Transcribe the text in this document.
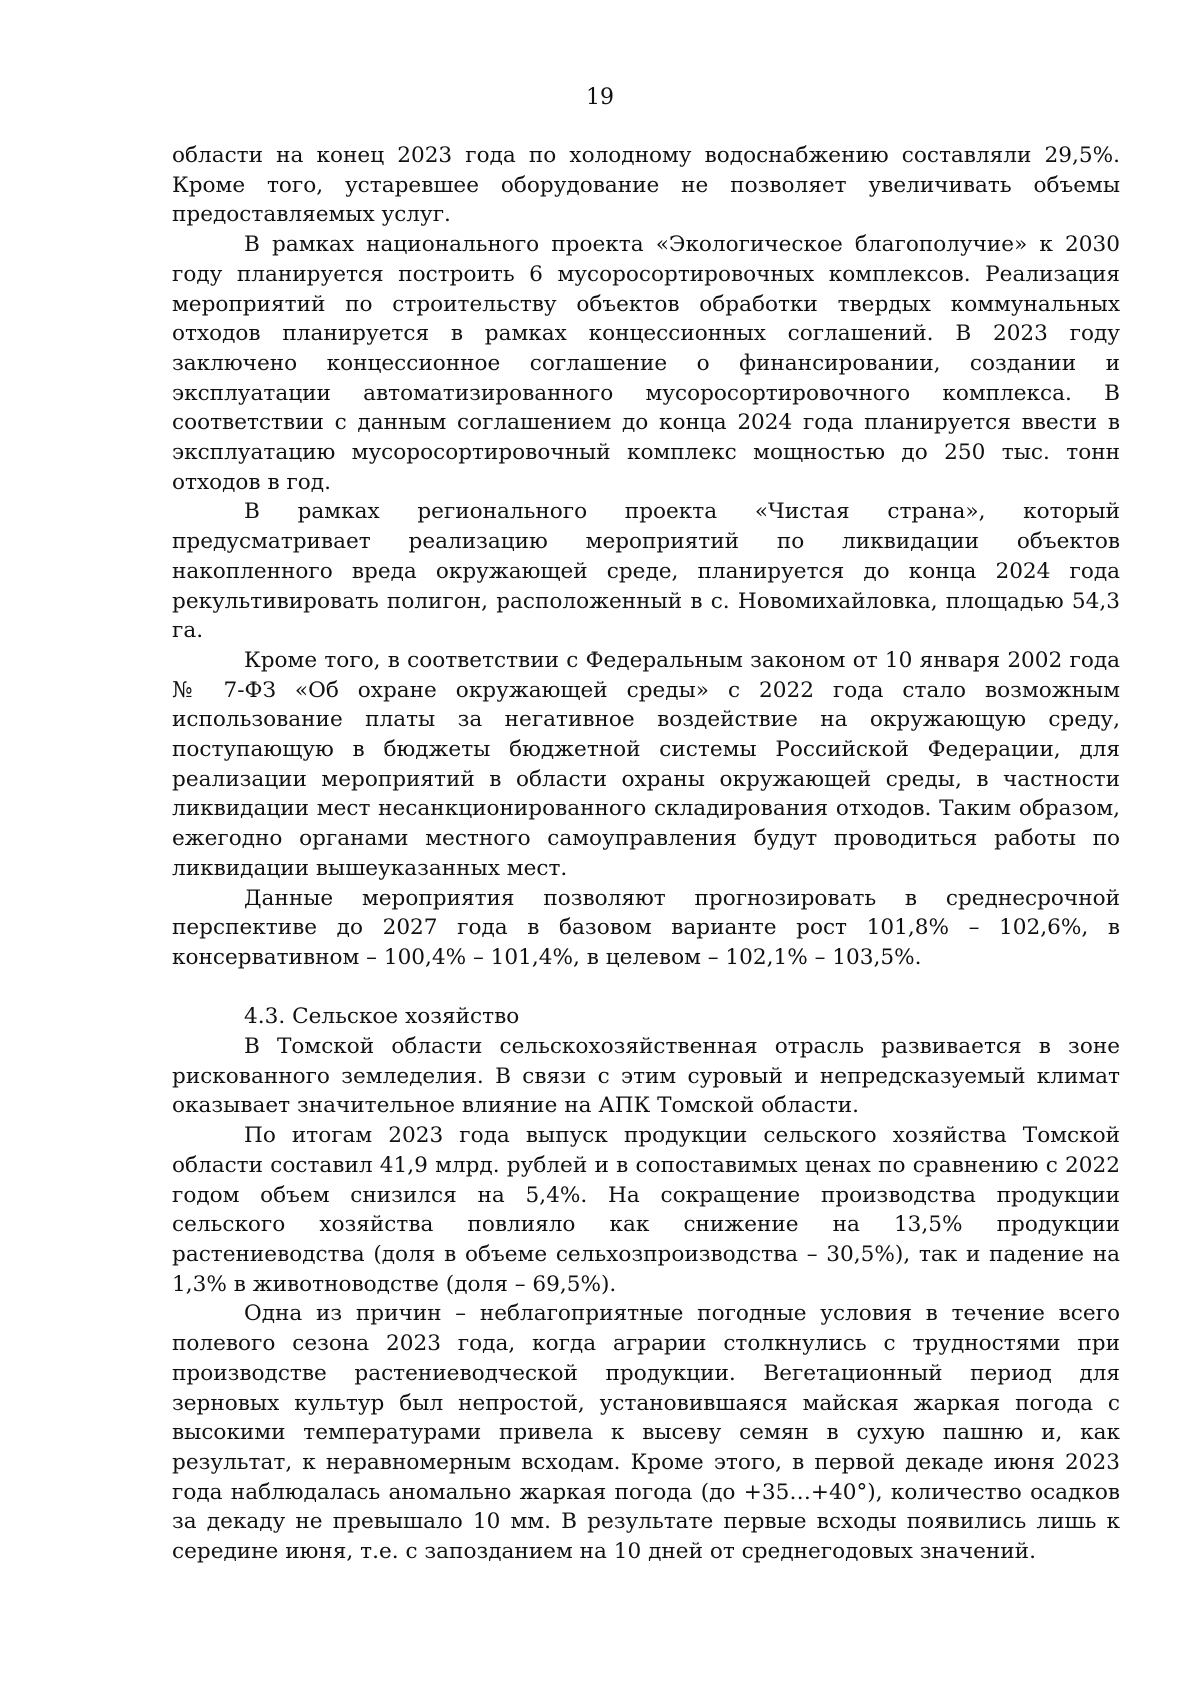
19

области на конец 2023 года по холодному водоснабжению составляли 29,5%. Кроме того, устаревшее оборудование не позволяет увеличивать объемы предоставляемых услуг.

В рамках национального проекта «Экологическое благополучие» к 2030 году планируется построить 6 мусоросортировочных комплексов. Реализация мероприятий по строительству объектов обработки твердых коммунальных отходов планируется в рамках концессионных соглашений. В 2023 году заключено концессионное соглашение о финансировании, создании и эксплуатации автоматизированного мусоросортировочного комплекса. В соответствии с данным соглашением до конца 2024 года планируется ввести в эксплуатацию мусоросортировочный комплекс мощностью до 250 тыс. тонн отходов в год.

В рамках регионального проекта «Чистая страна», который предусматривает реализацию мероприятий по ликвидации объектов накопленного вреда окружающей среде, планируется до конца 2024 года рекультивировать полигон, расположенный в с. Новомихайловка, площадью 54,3 га.

Кроме того, в соответствии с Федеральным законом от 10 января 2002 года № 7-ФЗ «Об охране окружающей среды» с 2022 года стало возможным использование платы за негативное воздействие на окружающую среду, поступающую в бюджеты бюджетной системы Российской Федерации, для реализации мероприятий в области охраны окружающей среды, в частности ликвидации мест несанкционированного складирования отходов. Таким образом, ежегодно органами местного самоуправления будут проводиться работы по ликвидации вышеуказанных мест.

Данные мероприятия позволяют прогнозировать в среднесрочной перспективе до 2027 года в базовом варианте рост 101,8% – 102,6%, в консервативном – 100,4% – 101,4%, в целевом – 102,1% – 103,5%.

4.3. Сельское хозяйство

В Томской области сельскохозяйственная отрасль развивается в зоне рискованного земледелия. В связи с этим суровый и непредсказуемый климат оказывает значительное влияние на АПК Томской области.

По итогам 2023 года выпуск продукции сельского хозяйства Томской области составил 41,9 млрд. рублей и в сопоставимых ценах по сравнению с 2022 годом объем снизился на 5,4%. На сокращение производства продукции сельского хозяйства повлияло как снижение на 13,5% продукции растениеводства (доля в объеме сельхозпроизводства – 30,5%), так и падение на 1,3% в животноводстве (доля – 69,5%).

Одна из причин – неблагоприятные погодные условия в течение всего полевого сезона 2023 года, когда аграрии столкнулись с трудностями при производстве растениеводческой продукции. Вегетационный период для зерновых культур был непростой, установившаяся майская жаркая погода с высокими температурами привела к высеву семян в сухую пашню и, как результат, к неравномерным всходам. Кроме этого, в первой декаде июня 2023 года наблюдалась аномально жаркая погода (до +35…+40°), количество осадков за декаду не превышало 10 мм. В результате первые всходы появились лишь к середине июня, т.е. с запозданием на 10 дней от среднегодовых значений.
